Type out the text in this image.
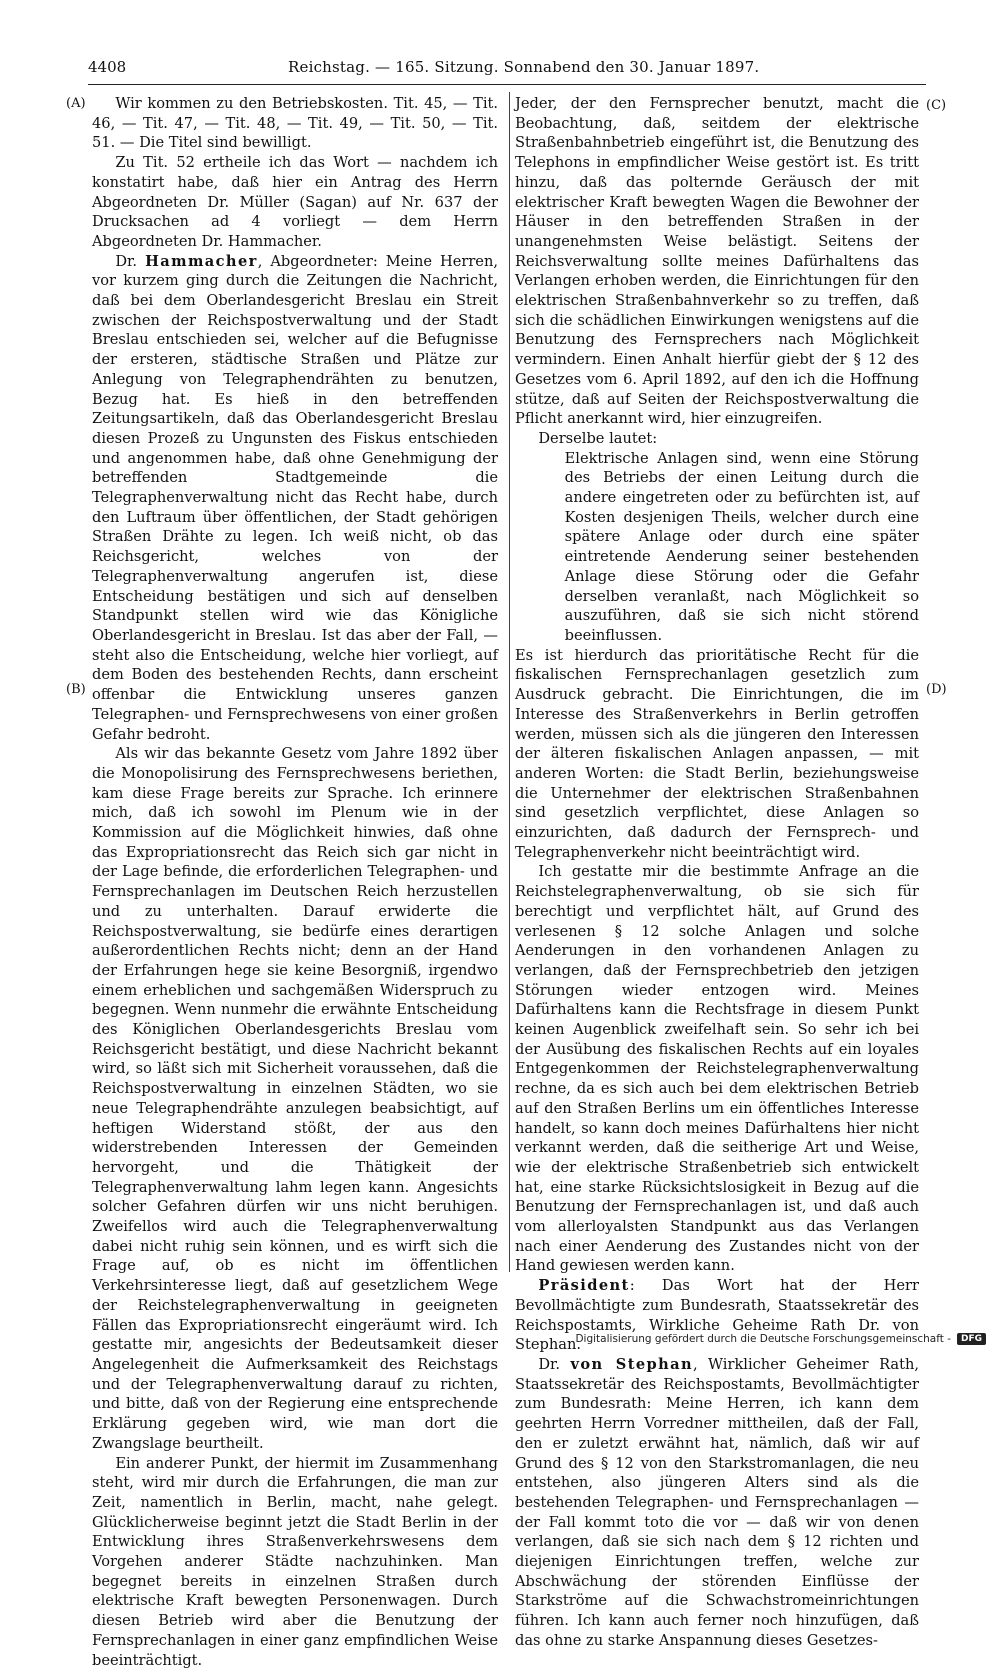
4408	Reichstag. — 165. Sitzung. Sonnabend den 30. Januar 1897.
(A)
(B)
(C)
(D)

Wir kommen zu den Betriebskosten. Tit. 45, — Tit. 46, — Tit. 47, — Tit. 48, — Tit. 49, — Tit. 50, — Tit. 51. — Die Titel sind bewilligt.

Zu Tit. 52 ertheile ich das Wort — nachdem ich konstatirt habe, daß hier ein Antrag des Herrn Abgeordneten Dr. Müller (Sagan) auf Nr. 637 der Drucksachen ad 4 vorliegt — dem Herrn Abgeordneten Dr. Hammacher.

Dr. Hammacher, Abgeordneter: Meine Herren, vor kurzem ging durch die Zeitungen die Nachricht, daß bei dem Oberlandesgericht Breslau ein Streit zwischen der Reichspostverwaltung und der Stadt Breslau entschieden sei, welcher auf die Befugnisse der ersteren, städtische Straßen und Plätze zur Anlegung von Telegraphendrähten zu benutzen, Bezug hat. Es hieß in den betreffenden Zeitungsartikeln, daß das Oberlandesgericht Breslau diesen Prozeß zu Ungunsten des Fiskus entschieden und angenommen habe, daß ohne Genehmigung der betreffenden Stadtgemeinde die Telegraphenverwaltung nicht das Recht habe, durch den Luftraum über öffentlichen, der Stadt gehörigen Straßen Drähte zu legen. Ich weiß nicht, ob das Reichsgericht, welches von der Telegraphenverwaltung angerufen ist, diese Entscheidung bestätigen und sich auf denselben Standpunkt stellen wird wie das Königliche Oberlandesgericht in Breslau. Ist das aber der Fall, — steht also die Entscheidung, welche hier vorliegt, auf dem Boden des bestehenden Rechts, dann erscheint offenbar die Entwicklung unseres ganzen Telegraphen- und Fernsprechwesens von einer großen Gefahr bedroht.

Als wir das bekannte Gesetz vom Jahre 1892 über die Monopolisirung des Fernsprechwesens beriethen, kam diese Frage bereits zur Sprache. Ich erinnere mich, daß ich sowohl im Plenum wie in der Kommission auf die Möglichkeit hinwies, daß ohne das Expropriationsrecht das Reich sich gar nicht in der Lage befinde, die erforderlichen Telegraphen- und Fernsprechanlagen im Deutschen Reich herzustellen und zu unterhalten. Darauf erwiderte die Reichspostverwaltung, sie bedürfe eines derartigen außerordentlichen Rechts nicht; denn an der Hand der Erfahrungen hege sie keine Besorgniß, irgendwo einem erheblichen und sachgemäßen Widerspruch zu begegnen. Wenn nunmehr die erwähnte Entscheidung des Königlichen Oberlandesgerichts Breslau vom Reichsgericht bestätigt, und diese Nachricht bekannt wird, so läßt sich mit Sicherheit voraussehen, daß die Reichspostverwaltung in einzelnen Städten, wo sie neue Telegraphendrähte anzulegen beabsichtigt, auf heftigen Widerstand stößt, der aus den widerstrebenden Interessen der Gemeinden hervorgeht, und die Thätigkeit der Telegraphenverwaltung lahm legen kann. Angesichts solcher Gefahren dürfen wir uns nicht beruhigen. Zweifellos wird auch die Telegraphenverwaltung dabei nicht ruhig sein können, und es wirft sich die Frage auf, ob es nicht im öffentlichen Verkehrsinteresse liegt, daß auf gesetzlichem Wege der Reichstelegraphenverwaltung in geeigneten Fällen das Expropriationsrecht eingeräumt wird. Ich gestatte mir, angesichts der Bedeutsamkeit dieser Angelegenheit die Aufmerksamkeit des Reichstags und der Telegraphenverwaltung darauf zu richten, und bitte, daß von der Regierung eine entsprechende Erklärung gegeben wird, wie man dort die Zwangslage beurtheilt.

Ein anderer Punkt, der hiermit im Zusammenhang steht, wird mir durch die Erfahrungen, die man zur Zeit, namentlich in Berlin, macht, nahe gelegt. Glücklicherweise beginnt jetzt die Stadt Berlin in der Entwicklung ihres Straßenverkehrswesens dem Vorgehen anderer Städte nachzuhinken. Man begegnet bereits in einzelnen Straßen durch elektrische Kraft bewegten Personenwagen. Durch diesen Betrieb wird aber die Benutzung der Fernsprechanlagen in einer ganz empfindlichen Weise beeinträchtigt.

Jeder, der den Fernsprecher benutzt, macht die Beobachtung, daß, seitdem der elektrische Straßenbahnbetrieb eingeführt ist, die Benutzung des Telephons in empfindlicher Weise gestört ist. Es tritt hinzu, daß das polternde Geräusch der mit elektrischer Kraft bewegten Wagen die Bewohner der Häuser in den betreffenden Straßen in der unangenehmsten Weise belästigt. Seitens der Reichsverwaltung sollte meines Dafürhaltens das Verlangen erhoben werden, die Einrichtungen für den elektrischen Straßenbahnverkehr so zu treffen, daß sich die schädlichen Einwirkungen wenigstens auf die Benutzung des Fernsprechers nach Möglichkeit vermindern. Einen Anhalt hierfür giebt der § 12 des Gesetzes vom 6. April 1892, auf den ich die Hoffnung stütze, daß auf Seiten der Reichspostverwaltung die Pflicht anerkannt wird, hier einzugreifen.

Derselbe lautet:

Elektrische Anlagen sind, wenn eine Störung des Betriebs der einen Leitung durch die andere eingetreten oder zu befürchten ist, auf Kosten desjenigen Theils, welcher durch eine spätere Anlage oder durch eine später eintretende Aenderung seiner bestehenden Anlage diese Störung oder die Gefahr derselben veranlaßt, nach Möglichkeit so auszuführen, daß sie sich nicht störend beeinflussen.

Es ist hierdurch das prioritätische Recht für die fiskalischen Fernsprechanlagen gesetzlich zum Ausdruck gebracht. Die Einrichtungen, die im Interesse des Straßenverkehrs in Berlin getroffen werden, müssen sich als die jüngeren den Interessen der älteren fiskalischen Anlagen anpassen, — mit anderen Worten: die Stadt Berlin, beziehungsweise die Unternehmer der elektrischen Straßenbahnen sind gesetzlich verpflichtet, diese Anlagen so einzurichten, daß dadurch der Fernsprech- und Telegraphenverkehr nicht beeinträchtigt wird.

Ich gestatte mir die bestimmte Anfrage an die Reichstelegraphenverwaltung, ob sie sich für berechtigt und verpflichtet hält, auf Grund des verlesenen § 12 solche Anlagen und solche Aenderungen in den vorhandenen Anlagen zu verlangen, daß der Fernsprechbetrieb den jetzigen Störungen wieder entzogen wird. Meines Dafürhaltens kann die Rechtsfrage in diesem Punkt keinen Augenblick zweifelhaft sein. So sehr ich bei der Ausübung des fiskalischen Rechts auf ein loyales Entgegenkommen der Reichstelegraphenverwaltung rechne, da es sich auch bei dem elektrischen Betrieb auf den Straßen Berlins um ein öffentliches Interesse handelt, so kann doch meines Dafürhaltens hier nicht verkannt werden, daß die seitherige Art und Weise, wie der elektrische Straßenbetrieb sich entwickelt hat, eine starke Rücksichtslosigkeit in Bezug auf die Benutzung der Fernsprechanlagen ist, und daß auch vom allerloyalsten Standpunkt aus das Verlangen nach einer Aenderung des Zustandes nicht von der Hand gewiesen werden kann.

Präsident: Das Wort hat der Herr Bevollmächtigte zum Bundesrath, Staatssekretär des Reichspostamts, Wirkliche Geheime Rath Dr. von Stephan.

Dr. von Stephan, Wirklicher Geheimer Rath, Staatssekretär des Reichspostamts, Bevollmächtigter zum Bundesrath: Meine Herren, ich kann dem geehrten Herrn Vorredner mittheilen, daß der Fall, den er zuletzt erwähnt hat, nämlich, daß wir auf Grund des § 12 von den Starkstromanlagen, die neu entstehen, also jüngeren Alters sind als die bestehenden Telegraphen- und Fernsprechanlagen — der Fall kommt toto die vor — daß wir von denen verlangen, daß sie sich nach dem § 12 richten und diejenigen Einrichtungen treffen, welche zur Abschwächung der störenden Einflüsse der Starkströme auf die Schwachstromeinrichtungen führen. Ich kann auch ferner noch hinzufügen, daß das ohne zu starke Anspannung dieses Gesetzes-

Digitalisierung gefördert durch die Deutsche Forschungsgemeinschaft -	DFG
